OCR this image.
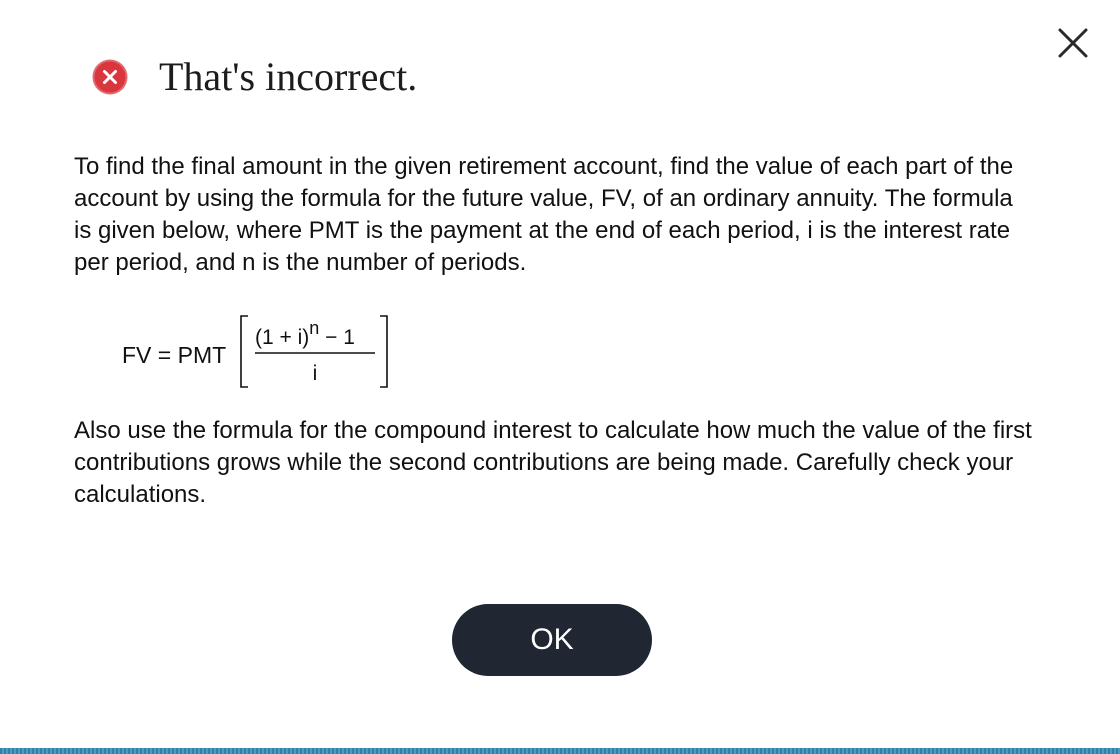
That's incorrect.
To find the final amount in the given retirement account, find the value of each part of the account by using the formula for the future value, FV, of an ordinary annuity. The formula is given below, where PMT is the payment at the end of each period, i is the interest rate per period, and n is the number of periods.
FV = PMT
(1 + i)n − 1
i
Also use the formula for the compound interest to calculate how much the value of the first contributions grows while the second contributions are being made. Carefully check your calculations.
OK
